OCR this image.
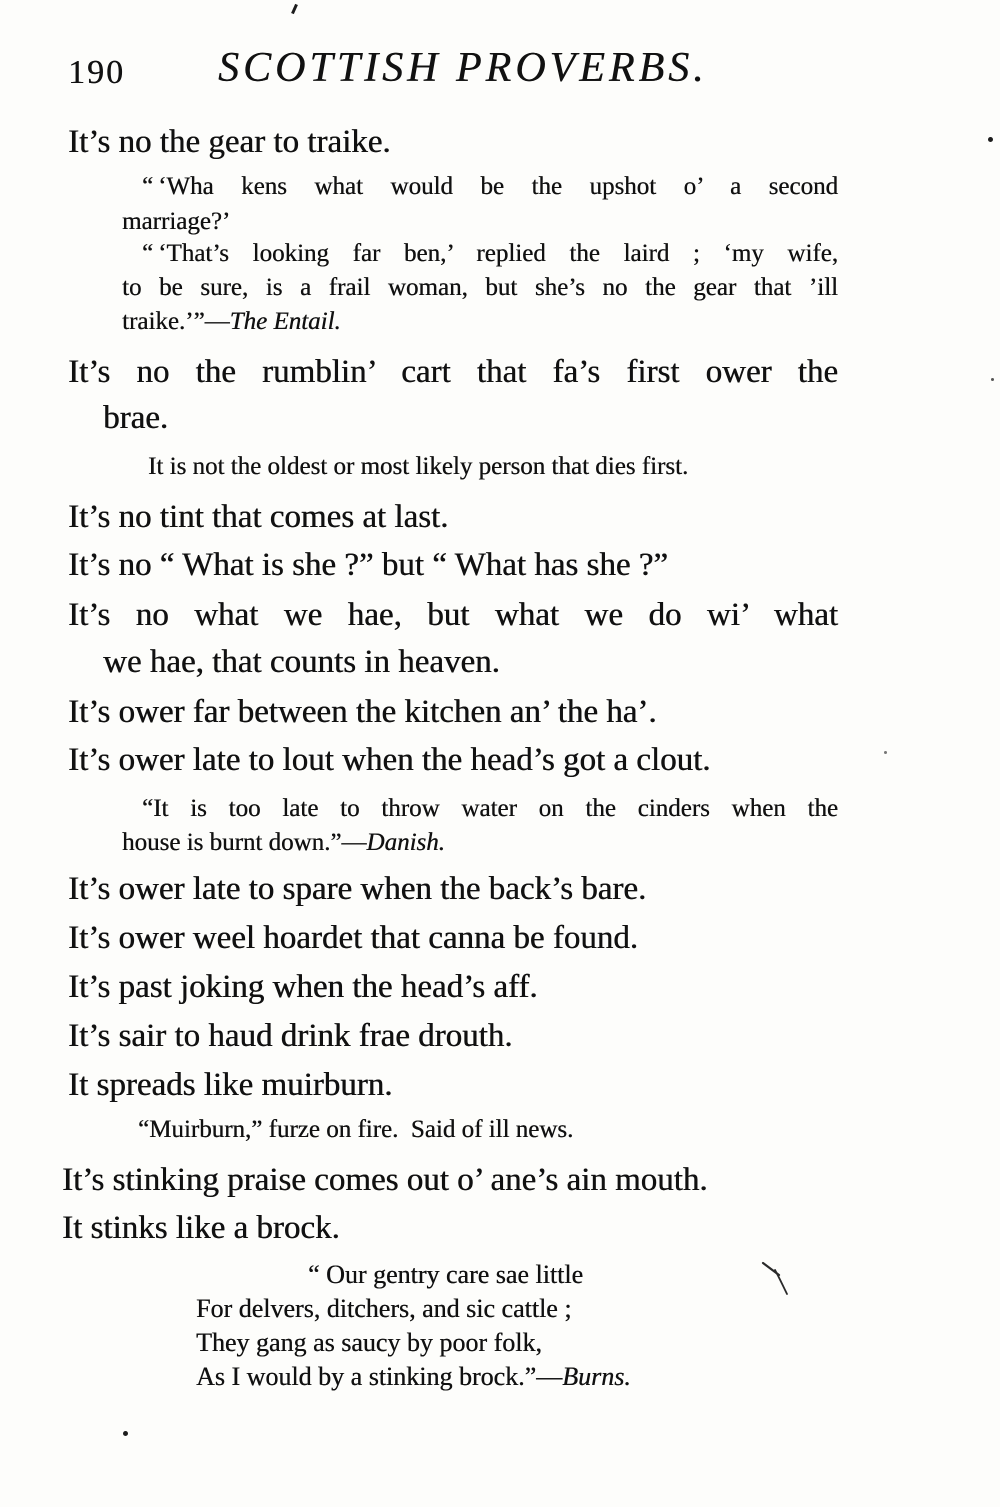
190 SCOTTISH PROVERBS.
It’s no the gear to traike.
“ ‘Wha kens what would be the upshot o’ a second
marriage?’
“ ‘That’s looking far ben,’ replied the laird ; ‘my wife,
to be sure, is a frail woman, but she’s no the gear that ’ill
traike.’”—The Entail.
It’s no the rumblin’ cart that fa’s first ower the
brae.
It is not the oldest or most likely person that dies first.
It’s no tint that comes at last.
It’s no “ What is she ?” but “ What has she ?”
It’s no what we hae, but what we do wi’ what
we hae, that counts in heaven.
It’s ower far between the kitchen an’ the ha’.
It’s ower late to lout when the head’s got a clout.
“It is too late to throw water on the cinders when the
house is burnt down.”—Danish.
It’s ower late to spare when the back’s bare.
It’s ower weel hoardet that canna be found.
It’s past joking when the head’s aff.
It’s sair to haud drink frae drouth.
It spreads like muirburn.
“Muirburn,” furze on fire.  Said of ill news.
It’s stinking praise comes out o’ ane’s ain mouth.
It stinks like a brock.
“ Our gentry care sae little
For delvers, ditchers, and sic cattle ;
They gang as saucy by poor folk,
As I would by a stinking brock.”—Burns.
